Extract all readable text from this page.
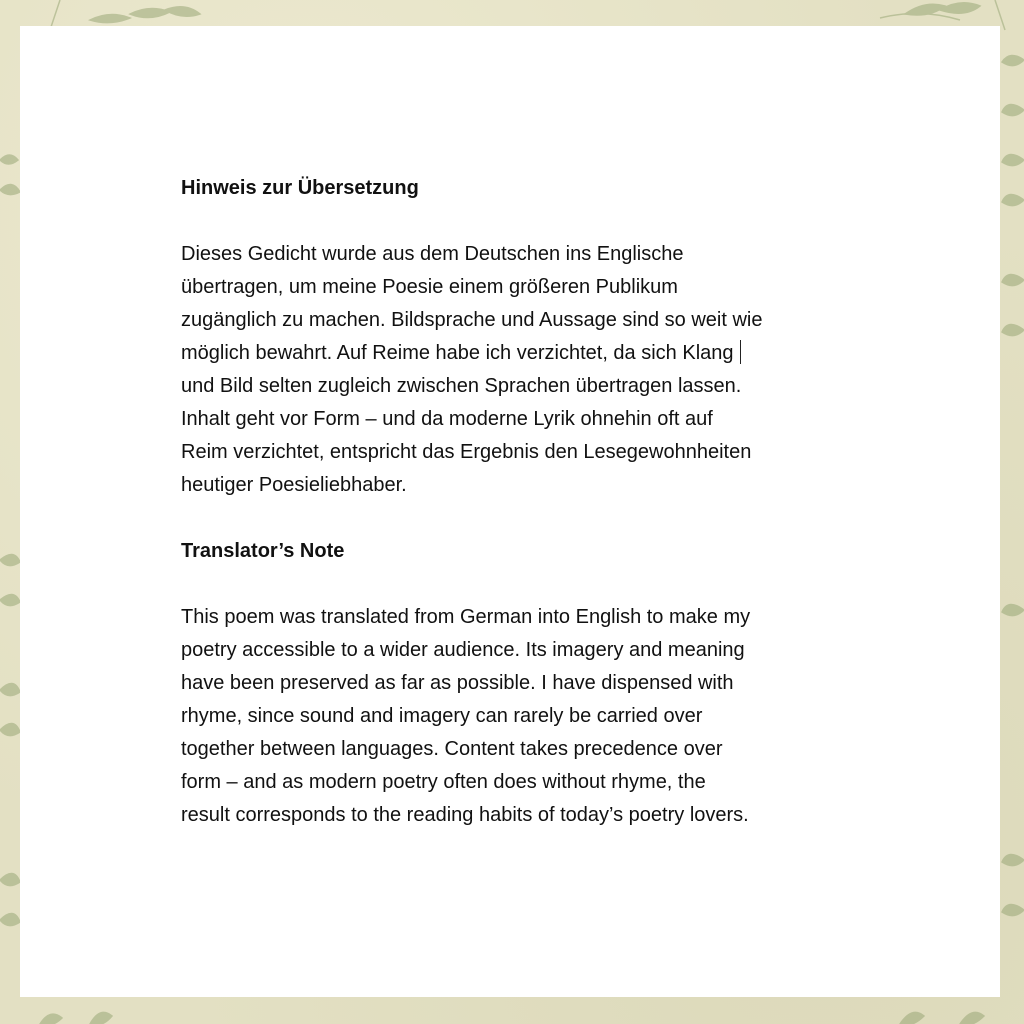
Hinweis zur Übersetzung

Dieses Gedicht wurde aus dem Deutschen ins Englische

übertragen, um meine Poesie einem größeren Publikum

zugänglich zu machen. Bildsprache und Aussage sind so weit wie

möglich bewahrt. Auf Reime habe ich verzichtet, da sich Klang

und Bild selten zugleich zwischen Sprachen übertragen lassen.

Inhalt geht vor Form – und da moderne Lyrik ohnehin oft auf

Reim verzichtet, entspricht das Ergebnis den Lesegewohnheiten

heutiger Poesieliebhaber.

Translator’s Note

This poem was translated from German into English to make my

poetry accessible to a wider audience. Its imagery and meaning

have been preserved as far as possible. I have dispensed with

rhyme, since sound and imagery can rarely be carried over

together between languages. Content takes precedence over

form – and as modern poetry often does without rhyme, the

result corresponds to the reading habits of today’s poetry lovers.
